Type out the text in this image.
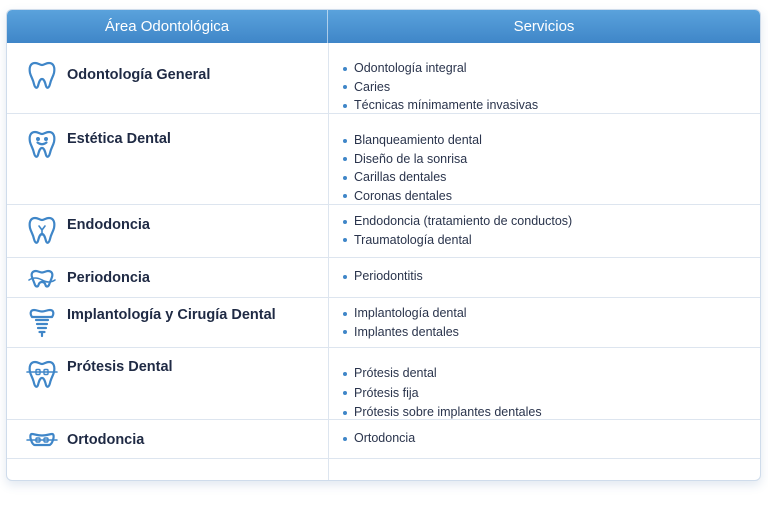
Área Odontológica	Servicios
Odontología General	Odontología integral
Caries
Técnicas mínimamente invasivas
Estética Dental	Blanqueamiento dental
Diseño de la sonrisa
Carillas dentales
Coronas dentales
Endodoncia	Endodoncia (tratamiento de conductos)
Traumatología dental
Periodoncia	Periodontitis
Implantología y Cirugía Dental	Implantología dental
Implantes dentales
Prótesis Dental	Prótesis dental
Prótesis fija
Prótesis sobre implantes dentales
Ortodoncia	Ortodoncia
